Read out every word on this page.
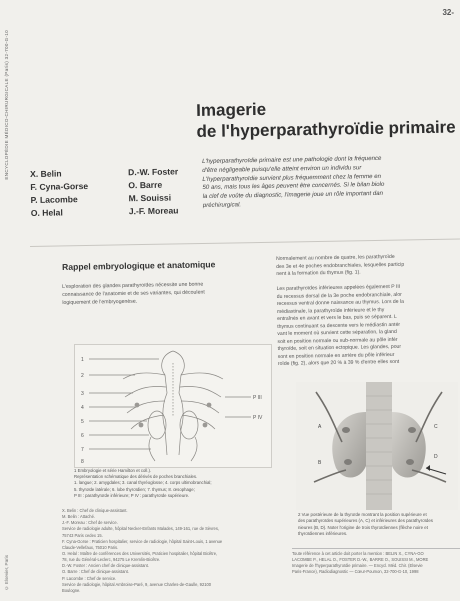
32-
ENCYCLOPÉDIE MÉDICO-CHIRURGICALE (Paris) 32-700-G-10
© Elsevier, Paris
Imagerie
de l'hyperparathyroïdie primaire
X. Belin
F. Cyna-Gorse
P. Lacombe
O. Helal
D.-W. Foster
O. Barre
M. Souissi
J.-F. Moreau
L'hyperparathyroïdie primaire est une pathologie dont la fréquence
d'être négligeable puisqu'elle atteint environ un individu sur
L'hyperparathyroïdie survient plus fréquemment chez la femme en
50 ans, mais tous les âges peuvent être concernés. Si le bilan biolo
la clef de voûte du diagnostic, l'imagerie joue un rôle important dan
préchirurgical.
Rappel embryologique et anatomique
L'exploration des glandes parathyroïdes nécessite une bonne
connaissance de l'anatomie et de ses variantes, qui découlent
logiquement de l'embryogenèse.
Normalement au nombre de quatre, les parathyroïde
des 3e et 4e poches endobranchiales, lesquelles particip
nent à la formation du thymus (fig. 1).

Les parathyroïdes inférieures appelées également P III
du recessus dorsal de la 3e poche endobranchiale, alor
recessus ventral donne naissance au thymus. Lors de la
médiastinale, la parathyroïde inférieure et le thy
entraînés en avant et vers le bas, puis se séparent. L
thymus continuant sa descente vers le médiastin antér
vant le moment où survient cette séparation, la gland
soit en position normale ou sub-normale au pôle infér
thyroïde, soit en situation ectopique. Les glandes, pour
sont en position normale en arrière du pôle inférieur
roïde (fig. 2), alors que 20 % à 39 % d'entre elles sont
1
2
3
4
5
6
7
8
P III
P IV
1 Embryologie et série Hamilton et coll.).
Représentation schématique des dérivés de poches branchiales.
1. langue; 2. amygdales; 3. canal thyréoglosse; 4. corps ultimobranchial;
5. thyroïde latérale; 6. lobe thyroïdien; 7. thymus; 8. œsophage;
P III : parathyroïde inférieure; P IV : parathyroïde supérieure.
A
B
C
D
2 Vue postérieure de la thyroïde montrant la position supérieure et
des parathyroïdes supérieures (A, C) et inférieures des parathyroïdes
nieures (B, D). Noter l'origine de trois thyroïdiennes (flèche noire et
thyroïdiennes inférieures.
X. Belin : Chef de clinique-assistant.
M. Belin : Attaché.
J.-F. Moreau : Chef de service.
Service de radiologie adulte, hôpital Necker-Enfants Malades, 149-161, rue de Sèvres,
75743 Paris cedex 15.
F. Cyna-Gorse : Praticien hospitalier, service de radiologie, hôpital Saint-Louis, 1 avenue
Claude-Vellefaux, 75010 Paris.
O. Helal : Maître de conférences des Universités, Praticien hospitalier, hôpital Bicêtre,
78, rue du Général-Leclerc, 94275 Le Kremlin-Bicêtre.
D.-W. Foster : Ancien chef de clinique-assistant.
O. Barre : Chef de clinique-assistant.
P. Lacombe : Chef de service.
Service de radiologie, hôpital Ambroise-Paré, 9, avenue Charles-de-Gaulle, 92100
Boulogne.
Toute référence à cet article doit porter la mention : BELIN X., CYNA-GO
LACOMBE P., HELAL O., FOSTER D.-W., BARRE O., SOUISSI M., MORE
Imagerie de l'hyperparathyroïdie primaire. — Encycl. Méd. Chir. (Elsevie
Paris-France), Radiodiagnostic — Cœur-Poumon, 32-700-G-10, 1998
